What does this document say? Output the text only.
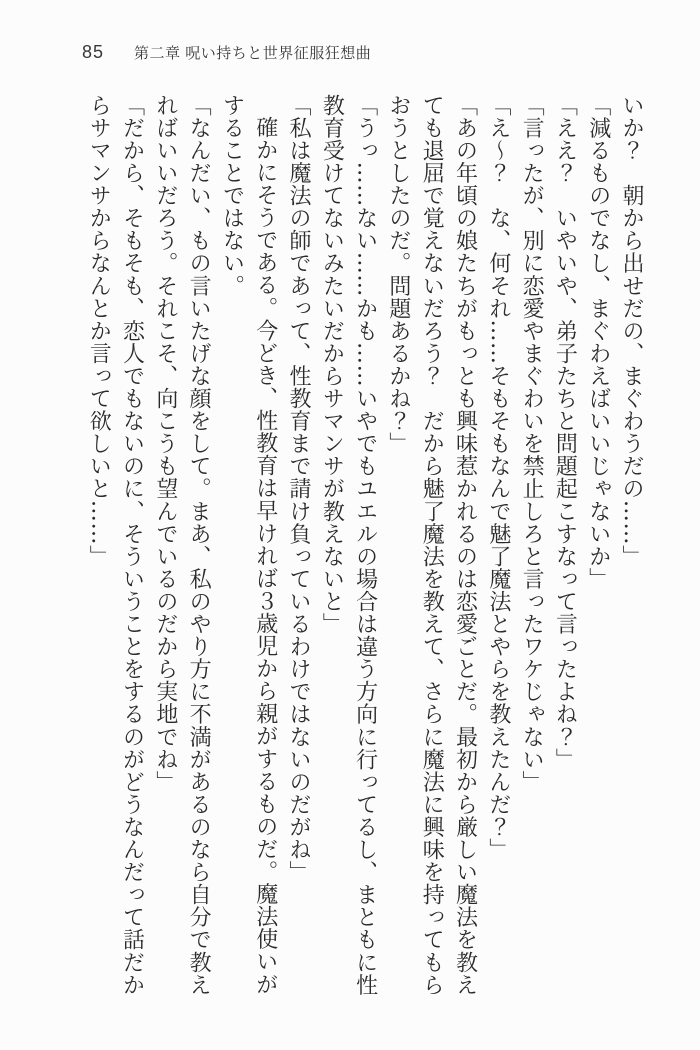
85 第二章 呪い持ちと世界征服狂想曲

いか？　朝から出せだの、まぐわうだの……」

「減るものでなし、まぐわえばいいじゃないか」

「ええ？　いやいや、弟子たちと問題起こすなって言ったよね？」

「言ったが、別に恋愛やまぐわいを禁止しろと言ったワケじゃない」

「え～？　な、何それ……そもそもなんで魅了魔法とやらを教えたんだ？」

「あの年頃の娘たちがもっとも興味惹かれるのは恋愛ごとだ。最初から厳しい魔法を教えても退屈で覚えないだろう？　だから魅了魔法を教えて、さらに魔法に興味を持ってもらおうとしたのだ。問題あるかね？」

「うっ……ない……かも……いやでもユエルの場合は違う方向に行ってるし、まともに性教育受けてないみたいだからサマンサが教えないと」

「私は魔法の師であって、性教育まで請け負っているわけではないのだがね」

確かにそうである。今どき、性教育は早ければ３歳児から親がするものだ。魔法使いがすることではない。

「なんだい、もの言いたげな顔をして。まあ、私のやり方に不満があるのなら自分で教えればいいだろう。それこそ、向こうも望んでいるのだから実地でね」

「だから、そもそも、恋人でもないのに、そういうことをするのがどうなんだって話だからサマンサからなんとか言って欲しいと……」
